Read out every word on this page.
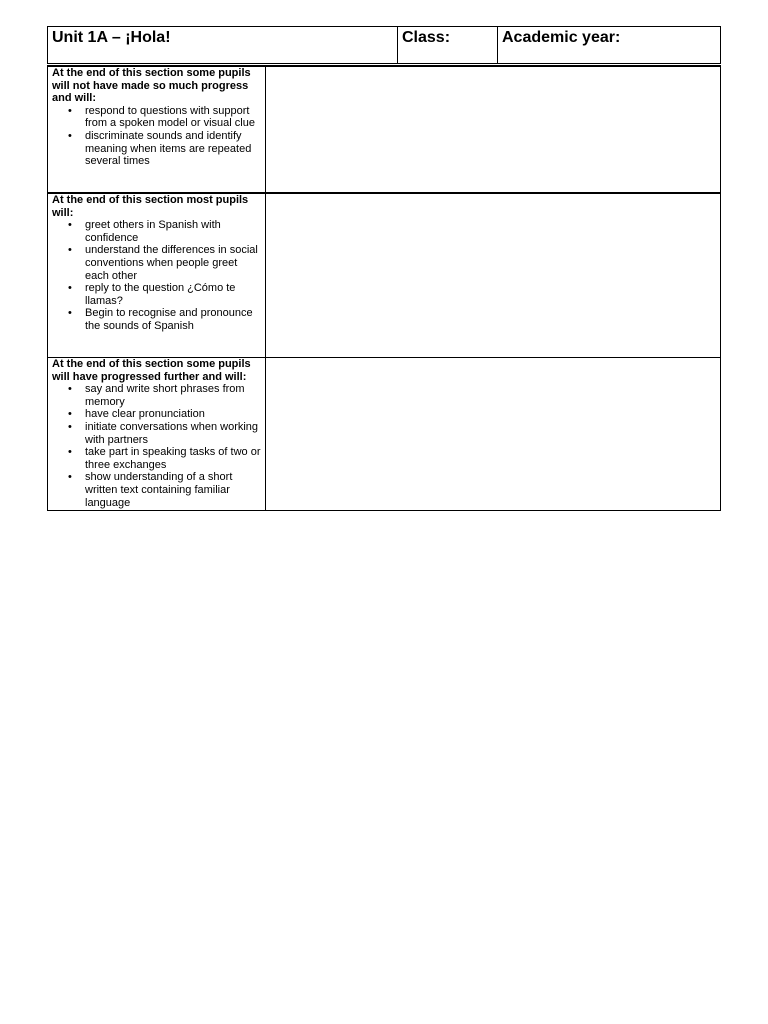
Unit 1A – ¡Hola!	Class:	Academic year:

At the end of this section some pupils will not have made so much progress and will:

• respond to questions with support from a spoken model or visual clue
• discriminate sounds and identify meaning when items are repeated several times

At the end of this section most pupils will:

• greet others in Spanish with confidence
• understand the differences in social conventions when people greet each other
• reply to the question ¿Cómo te llamas?
• Begin to recognise and pronounce the sounds of Spanish

At the end of this section some pupils will have progressed further and will:

• say and write short phrases from memory
• have clear pronunciation
• initiate conversations when working with partners
• take part in speaking tasks of two or three exchanges
• show understanding of a short written text containing familiar language
